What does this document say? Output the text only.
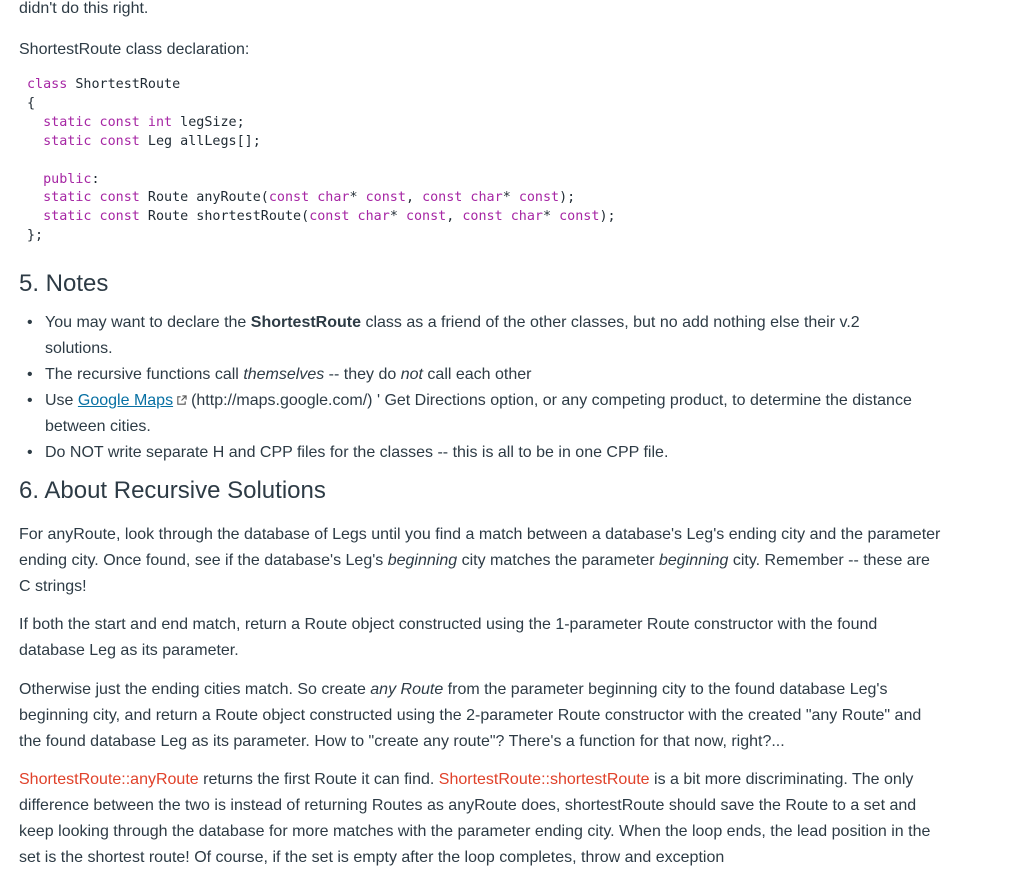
didn't do this right.

ShortestRoute class declaration:

class ShortestRoute
{
static const int legSize;
static const Leg allLegs[];

public:
static const Route anyRoute(const char* const, const char* const);
static const Route shortestRoute(const char* const, const char* const);
};
5. Notes
• You may want to declare the ShortestRoute class as a friend of the other classes, but no add nothing else their v.2 solutions.
• The recursive functions call themselves -- they do not call each other
• Use Google Maps (http://maps.google.com/) ' Get Directions option, or any competing product, to determine the distance between cities.
• Do NOT write separate H and CPP files for the classes -- this is all to be in one CPP file.
6. About Recursive Solutions

For anyRoute, look through the database of Legs until you find a match between a database's Leg's ending city and the parameter ending city. Once found, see if the database's Leg's beginning city matches the parameter beginning city. Remember -- these are C strings!

If both the start and end match, return a Route object constructed using the 1-parameter Route constructor with the found database Leg as its parameter.

Otherwise just the ending cities match. So create any Route from the parameter beginning city to the found database Leg's beginning city, and return a Route object constructed using the 2-parameter Route constructor with the created "any Route" and the found database Leg as its parameter. How to "create any route"? There's a function for that now, right?...

ShortestRoute::anyRoute returns the first Route it can find. ShortestRoute::shortestRoute is a bit more discriminating. The only difference between the two is instead of returning Routes as anyRoute does, shortestRoute should save the Route to a set and keep looking through the database for more matches with the parameter ending city. When the loop ends, the lead position in the set is the shortest route! Of course, if the set is empty after the loop completes, throw and exception
